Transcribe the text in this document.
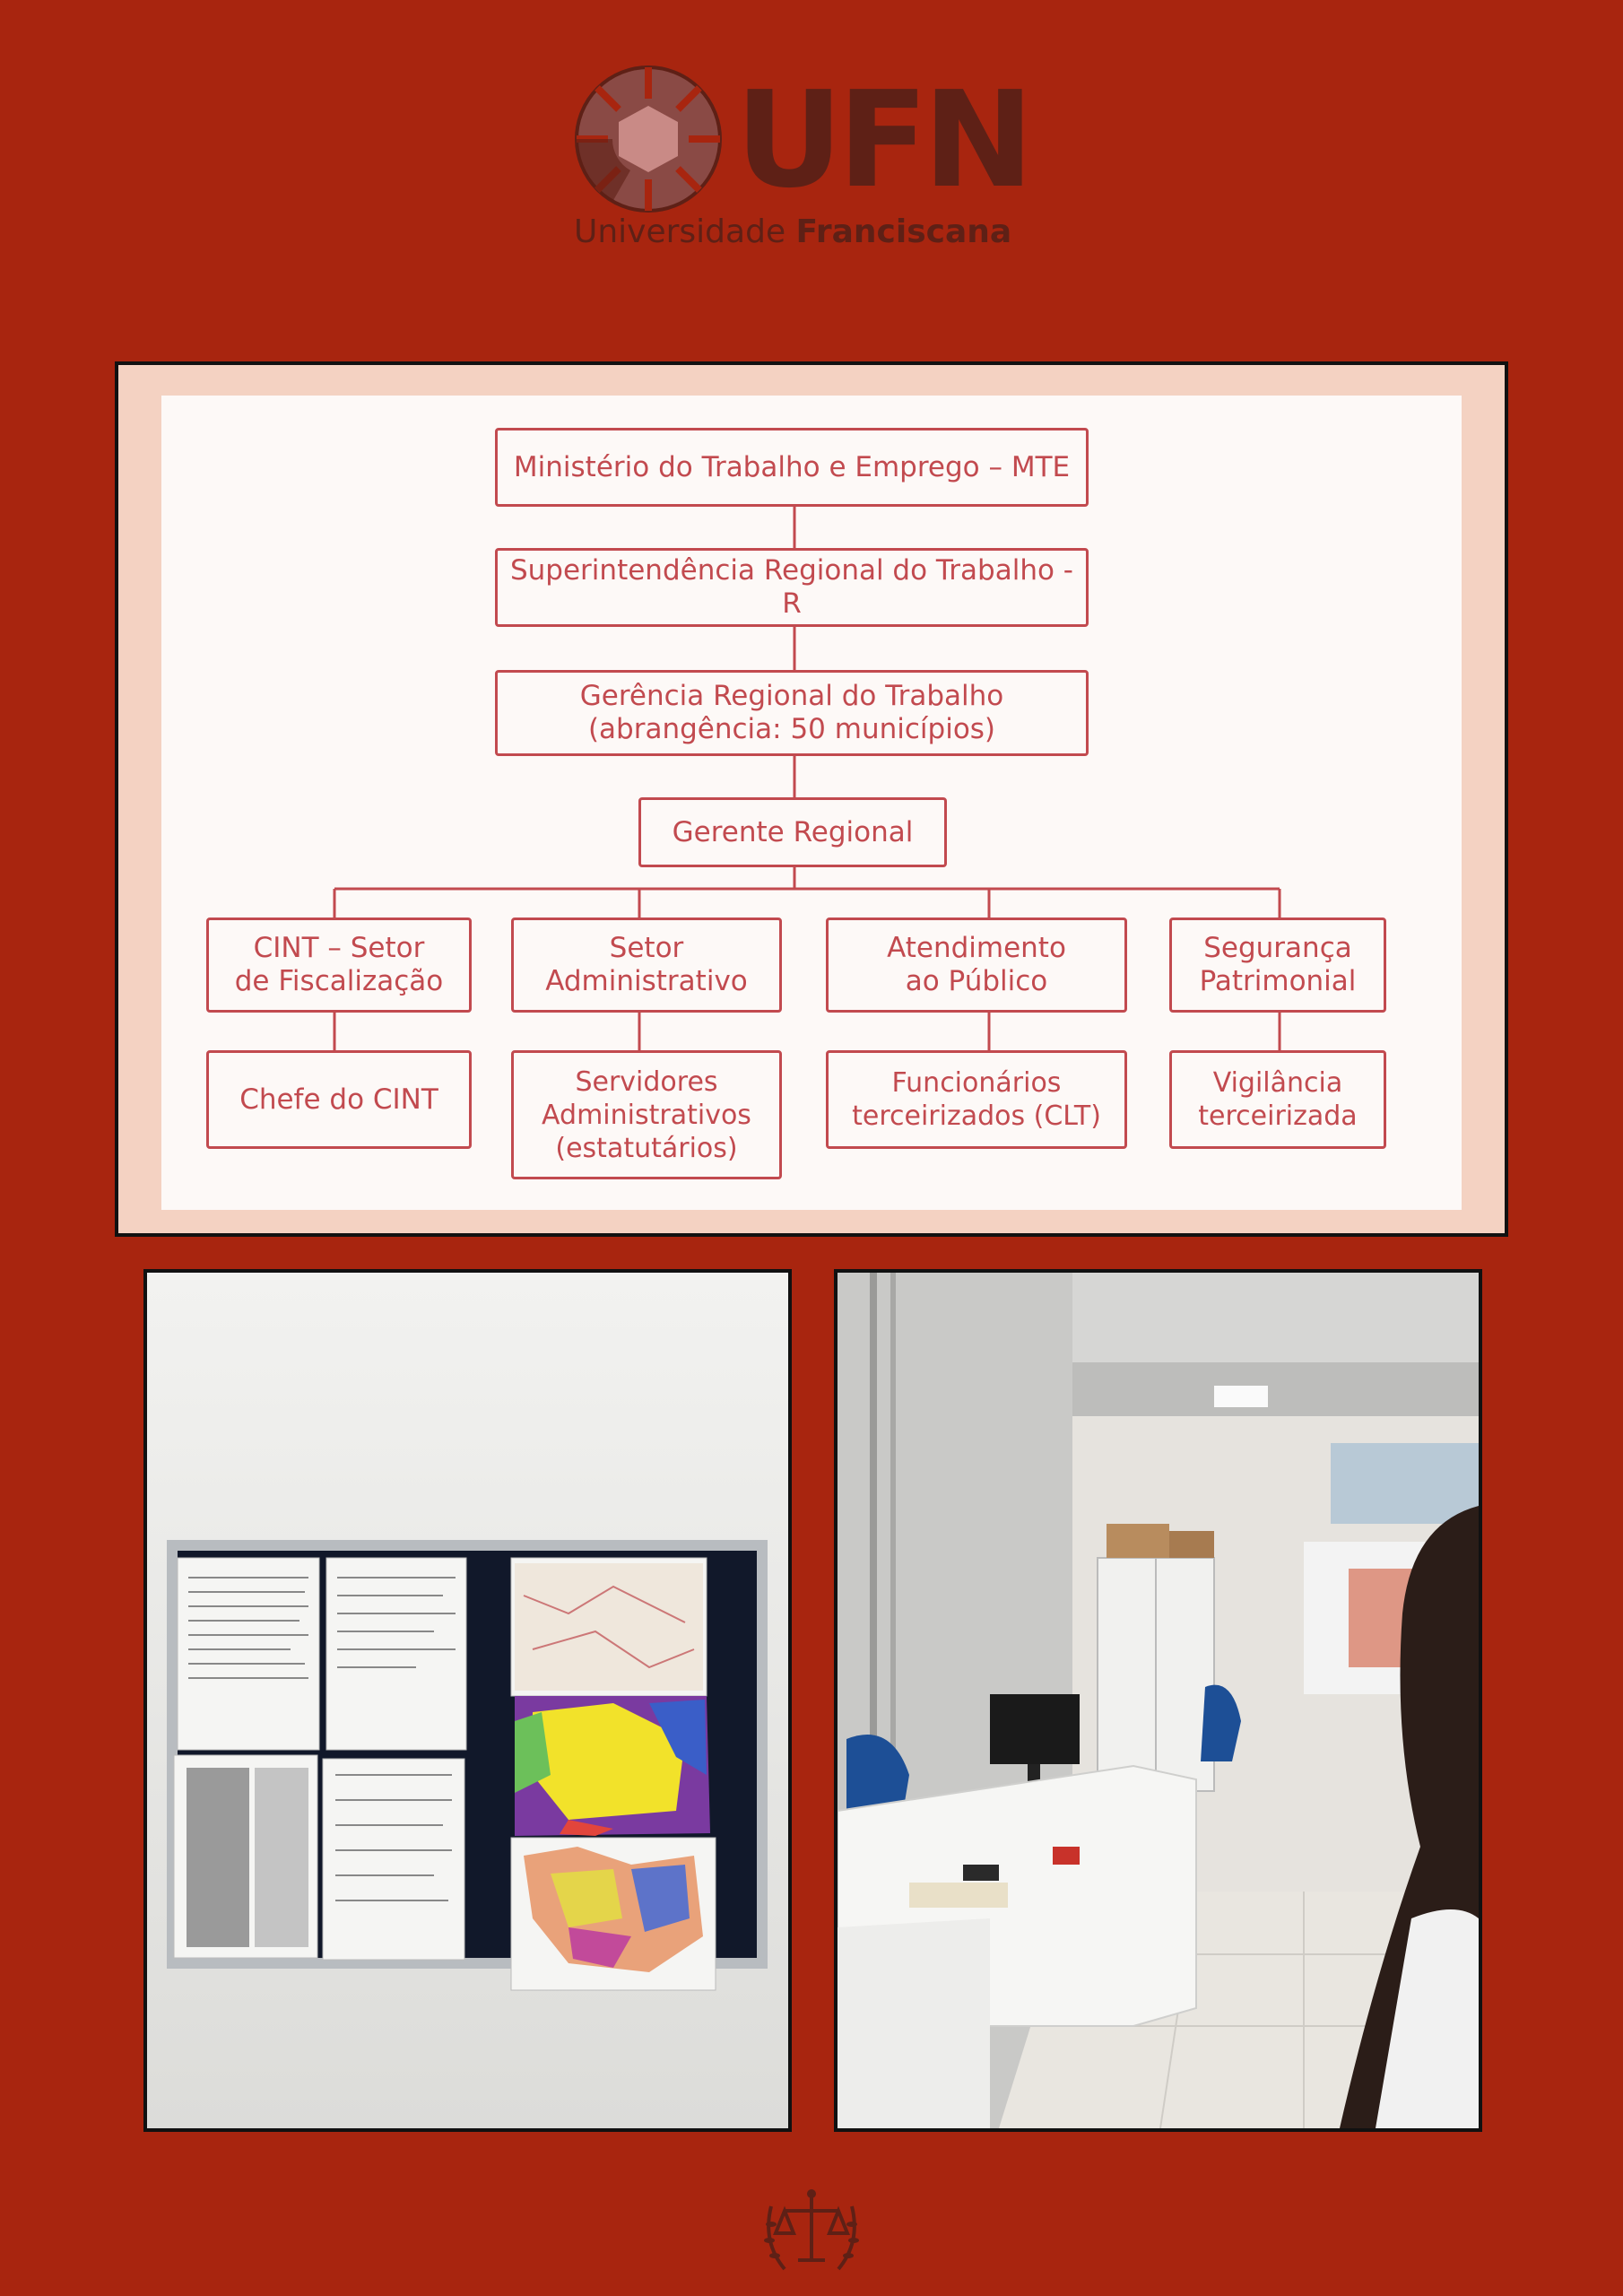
UFN
Universidade Franciscana
Ministério do Trabalho e Emprego – MTE
Superintendência Regional do Trabalho - R
Gerência Regional do Trabalho
(abrangência: 50 municípios)
Gerente Regional
CINT – Setor
de Fiscalização
Setor
Administrativo
Atendimento
ao Público
Segurança
Patrimonial
Chefe do CINT
Servidores
Administrativos
(estatutários)
Funcionários
terceirizados (CLT)
Vigilância
terceirizada
